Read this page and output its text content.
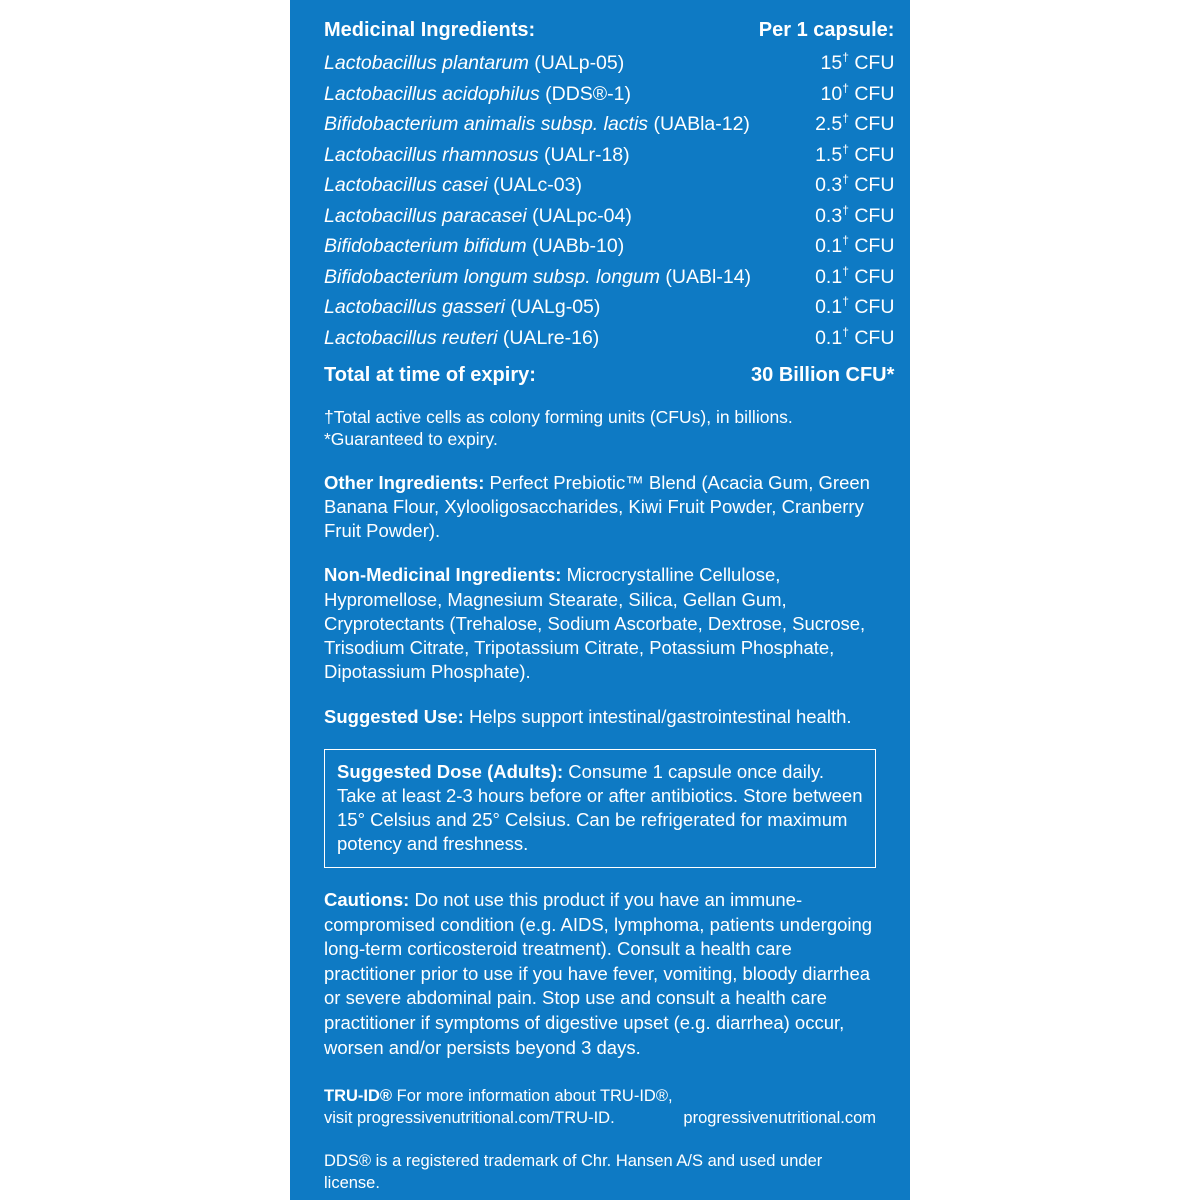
Medicinal Ingredients:	Per 1 capsule:
Lactobacillus plantarum (UALp-05)	15† CFU
Lactobacillus acidophilus (DDS®-1)	10† CFU
Bifidobacterium animalis subsp. lactis (UABla-12)	2.5† CFU
Lactobacillus rhamnosus (UALr-18)	1.5† CFU
Lactobacillus casei (UALc-03)	0.3† CFU
Lactobacillus paracasei (UALpc-04)	0.3† CFU
Bifidobacterium bifidum (UABb-10)	0.1† CFU
Bifidobacterium longum subsp. longum (UABl-14)	0.1† CFU
Lactobacillus gasseri (UALg-05)	0.1† CFU
Lactobacillus reuteri (UALre-16)	0.1† CFU
Total at time of expiry:	30 Billion CFU*
†Total active cells as colony forming units (CFUs), in billions.
*Guaranteed to expiry.
Other Ingredients: Perfect Prebiotic™ Blend (Acacia Gum, Green Banana Flour, Xylooligosaccharides, Kiwi Fruit Powder, Cranberry Fruit Powder).
Non-Medicinal Ingredients: Microcrystalline Cellulose, Hypromellose, Magnesium Stearate, Silica, Gellan Gum, Cryprotectants (Trehalose, Sodium Ascorbate, Dextrose, Sucrose, Trisodium Citrate, Tripotassium Citrate, Potassium Phosphate, Dipotassium Phosphate).
Suggested Use: Helps support intestinal/gastrointestinal health.
Suggested Dose (Adults): Consume 1 capsule once daily. Take at least 2-3 hours before or after antibiotics. Store between 15° Celsius and 25° Celsius. Can be refrigerated for maximum potency and freshness.
Cautions: Do not use this product if you have an immune-compromised condition (e.g. AIDS, lymphoma, patients undergoing long-term corticosteroid treatment). Consult a health care practitioner prior to use if you have fever, vomiting, bloody diarrhea or severe abdominal pain. Stop use and consult a health care practitioner if symptoms of digestive upset (e.g. diarrhea) occur, worsen and/or persists beyond 3 days.
TRU-ID® For more information about TRU-ID®,
visit progressivenutritional.com/TRU-ID.	progressivenutritional.com
DDS® is a registered trademark of Chr. Hansen A/S and used under license.
